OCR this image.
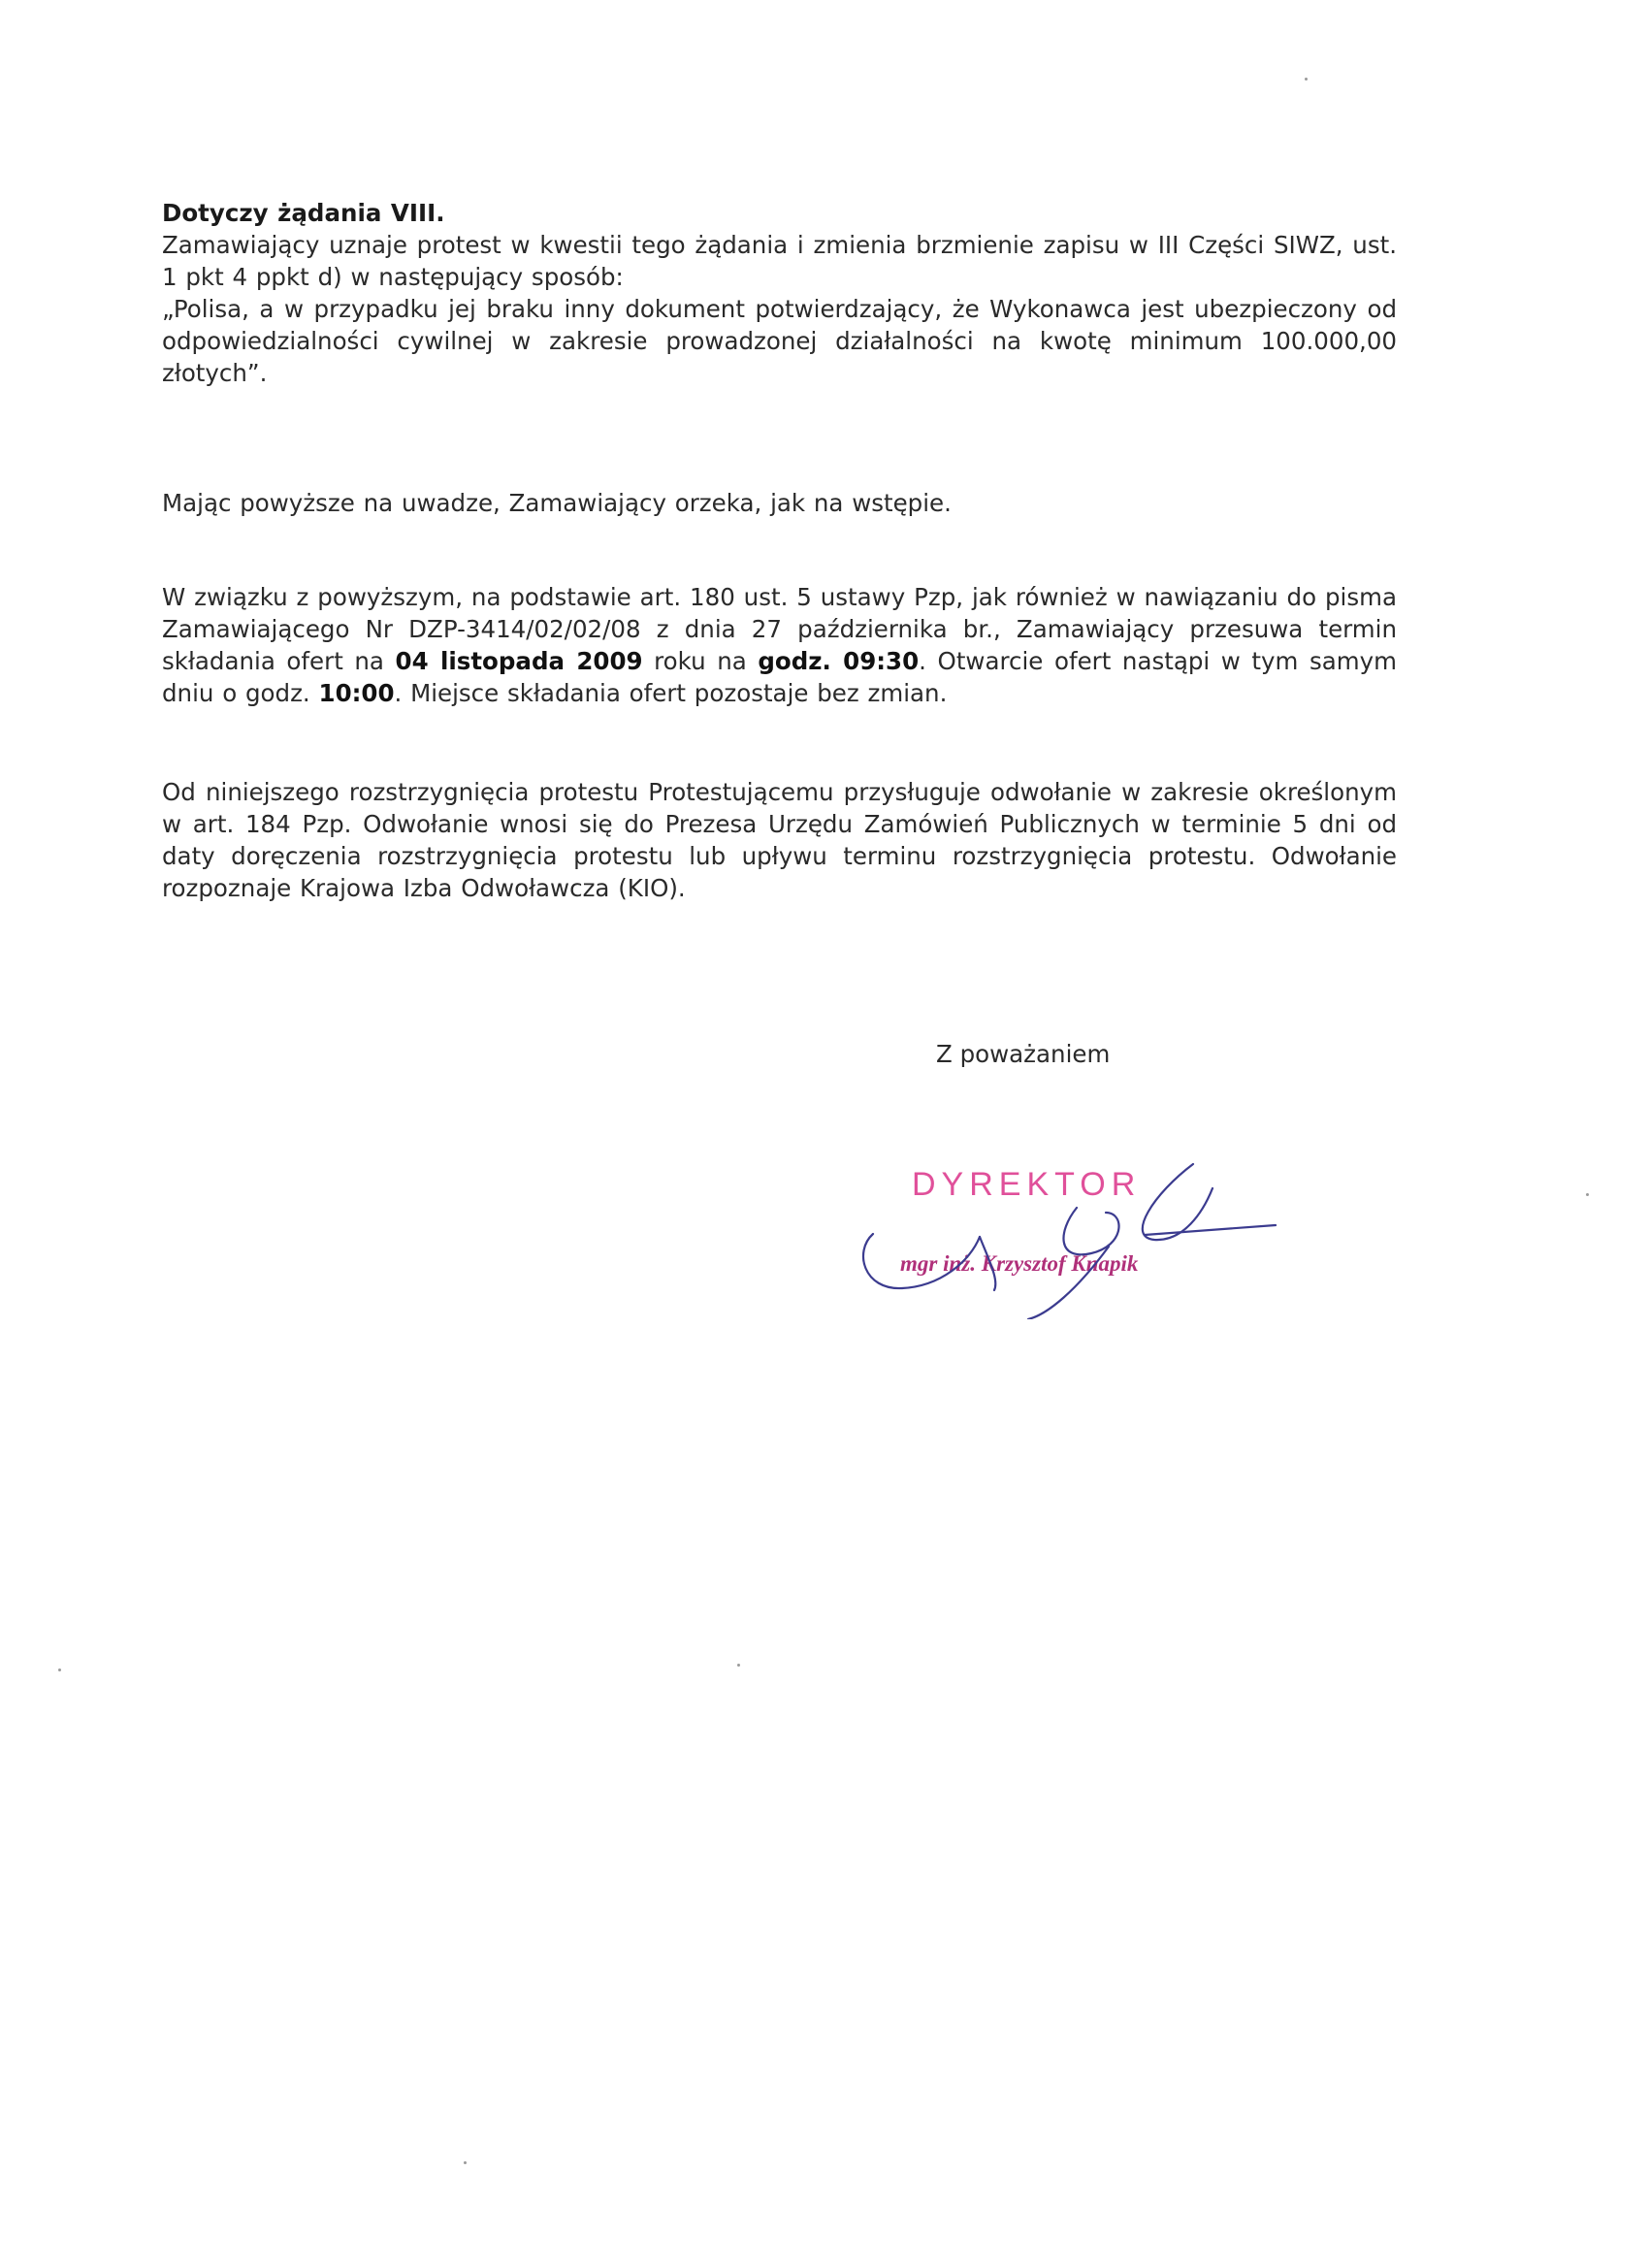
Dotyczy żądania VIII.
Zamawiający uznaje protest w kwestii tego żądania i zmienia brzmienie zapisu w III Części SIWZ, ust. 1 pkt 4 ppkt d) w następujący sposób:
„Polisa, a w przypadku jej braku inny dokument potwierdzający, że Wykonawca jest ubezpieczony od odpowiedzialności cywilnej w zakresie prowadzonej działalności na kwotę minimum 100.000,00 złotych”.
Mając powyższe na uwadze, Zamawiający orzeka, jak na wstępie.
W związku z powyższym, na podstawie art. 180 ust. 5 ustawy Pzp, jak również w nawiązaniu do pisma Zamawiającego Nr DZP-3414/02/02/08 z dnia 27 października br., Zamawiający przesuwa termin składania ofert na 04 listopada 2009 roku na godz. 09:30. Otwarcie ofert nastąpi w tym samym dniu o godz. 10:00. Miejsce składania ofert pozostaje bez zmian.
Od niniejszego rozstrzygnięcia protestu Protestującemu przysługuje odwołanie w zakresie określonym w art. 184 Pzp. Odwołanie wnosi się do Prezesa Urzędu Zamówień Publicznych w terminie 5 dni od daty doręczenia rozstrzygnięcia protestu lub upływu terminu rozstrzygnięcia protestu. Odwołanie rozpoznaje Krajowa Izba Odwoławcza (KIO).
Z poważaniem
DYREKTOR
mgr inż. Krzysztof Knapik
